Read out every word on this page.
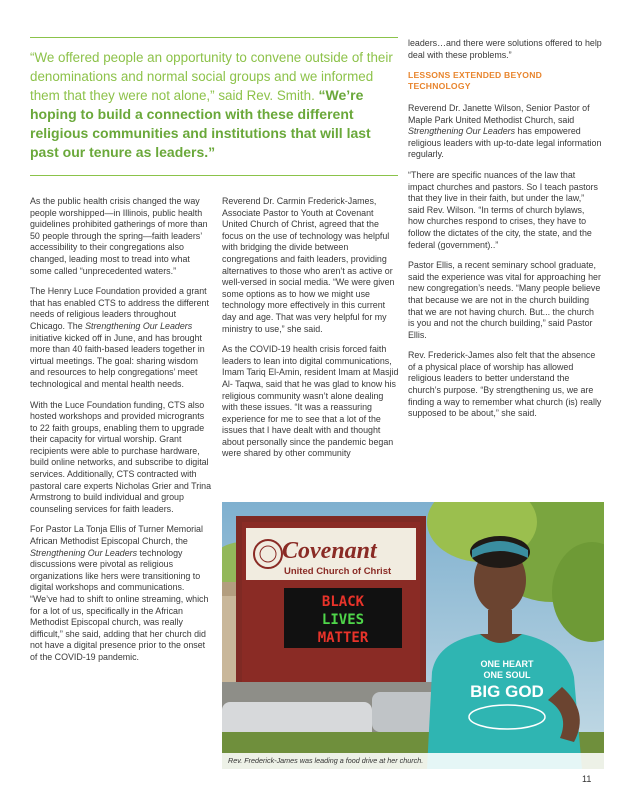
“We offered people an opportunity to convene outside of their denominations and normal social groups and we informed them that they were not alone,” said Rev. Smith. “We’re hoping to build a connection with these different religious communities and institutions that will last past our tenure as leaders.”

As the public health crisis changed the way people worshipped—in Illinois, public health guidelines prohibited gatherings of more than 50 people through the spring—faith leaders’ accessibility to their congregations also changed, leading most to tread into what some called “unprecedented waters.”

The Henry Luce Foundation provided a grant that has enabled CTS to address the different needs of religious leaders throughout Chicago. The Strengthening Our Leaders initiative kicked off in June, and has brought more than 40 faith-based leaders together in virtual meetings. The goal: sharing wisdom and resources to help congregations’ meet technological and mental health needs.

With the Luce Foundation funding, CTS also hosted workshops and provided microgrants to 22 faith groups, enabling them to upgrade their capacity for virtual worship. Grant recipients were able to purchase hardware, build online networks, and subscribe to digital services. Additionally, CTS contracted with pastoral care experts Nicholas Grier and Trina Armstrong to build individual and group counseling services for faith leaders.

For Pastor La Tonja Ellis of Turner Memorial African Methodist Episcopal Church, the Strengthening Our Leaders technology discussions were pivotal as religious organizations like hers were transitioning to digital workshops and communications. “We’ve had to shift to online streaming, which for a lot of us, specifically in the African Methodist Episcopal church, was really difficult,” she said, adding that her church did not have a digital presence prior to the onset of the COVID-19 pandemic.

Reverend Dr. Carmin Frederick-James, Associate Pastor to Youth at Covenant United Church of Christ, agreed that the focus on the use of technology was helpful with bridging the divide between congregations and faith leaders, providing alternatives to those who aren’t as active or well-versed in social media. “We were given some options as to how we might use technology more effectively in this current day and age. That was very helpful for my ministry to use,” she said.

As the COVID-19 health crisis forced faith leaders to lean into digital communications, Imam Tariq El-Amin, resident Imam at Masjid Al- Taqwa, said that he was glad to know his religious community wasn’t alone dealing with these issues. “It was a reassuring experience for me to see that a lot of the issues that I have dealt with and thought about personally since the pandemic began were shared by other community

leaders…and there were solutions offered to help deal with these problems.”

LESSONS EXTENDED BEYOND TECHNOLOGY

Reverend Dr. Janette Wilson, Senior Pastor of Maple Park United Methodist Church, said Strengthening Our Leaders has empowered religious leaders with up-to-date legal information regularly.

“There are specific nuances of the law that impact churches and pastors. So I teach pastors that they live in their faith, but under the law,” said Rev. Wilson. “In terms of church bylaws, how churches respond to crises, they have to follow the dictates of the city, the state, and the federal (government)..”

Pastor Ellis, a recent seminary school graduate, said the experience was vital for approaching her new congregation’s needs. “Many people believe that because we are not in the church building that we are not having church. But... the church is you and not the church building,” said Pastor Ellis.

Rev. Frederick-James also felt that the absence of a physical place of worship has allowed religious leaders to better understand the church’s purpose. “By strengthening us, we are finding a way to remember what church (is) really supposed to be about,” she said.

Covenant
United Church of Christ
BLACK
LIVES
MATTER
ONE HEART
ONE SOUL
BIG GOD
Rev. Frederick-James was leading a food drive at her church.
11
